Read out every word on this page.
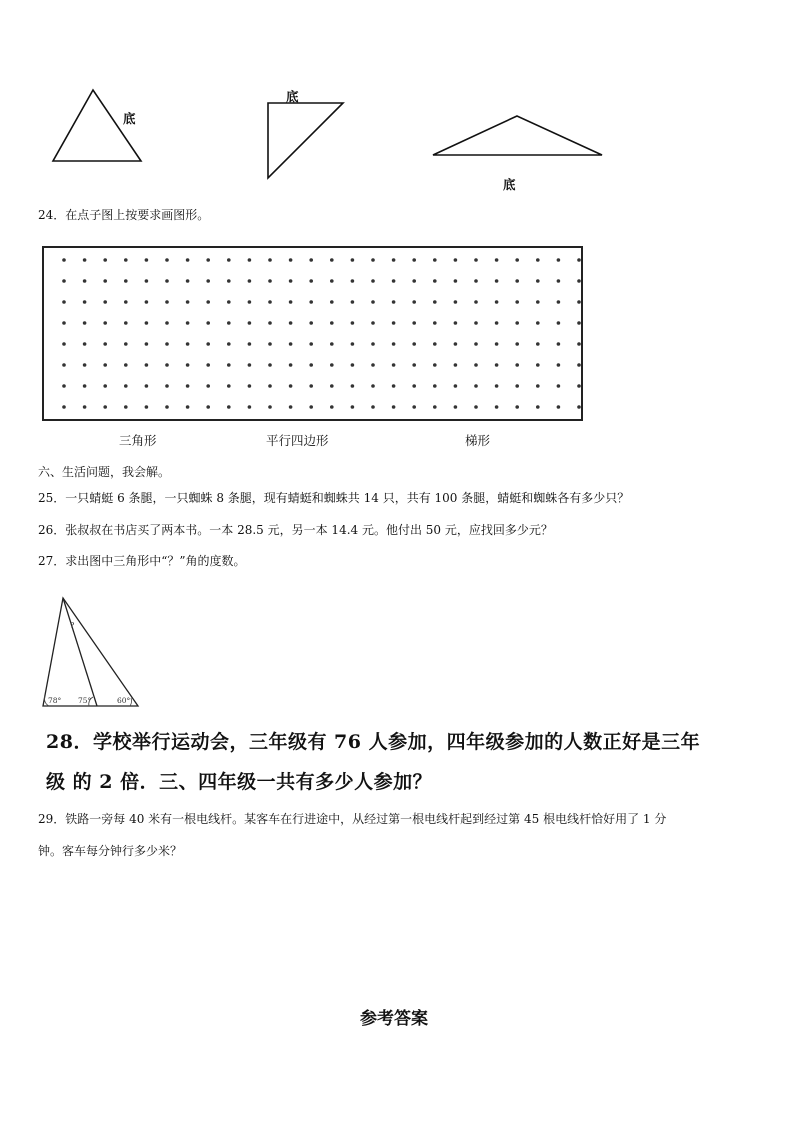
底
底
底
24．在点子图上按要求画图形。
三角形	平行四边形	梯形
六、生活问题，我会解。
25．一只蜻蜓 6 条腿，一只蜘蛛 8 条腿，现有蜻蜓和蜘蛛共 14 只，共有 100 条腿，蜻蜓和蜘蛛各有多少只？
26．张叔叔在书店买了两本书。一本 28.5 元，另一本 14.4 元。他付出 50 元，应找回多少元？
27．求出图中三角形中“？”角的度数。
?
78° 75°	60°
28．学校举行运动会，三年级有 76 人参加，四年级参加的人数正好是三年
级 的 2 倍．三、四年级一共有多少人参加？
29．铁路一旁每 40 米有一根电线杆。某客车在行进途中，从经过第一根电线杆起到经过第 45 根电线杆恰好用了 1 分
钟。客车每分钟行多少米？
参考答案
